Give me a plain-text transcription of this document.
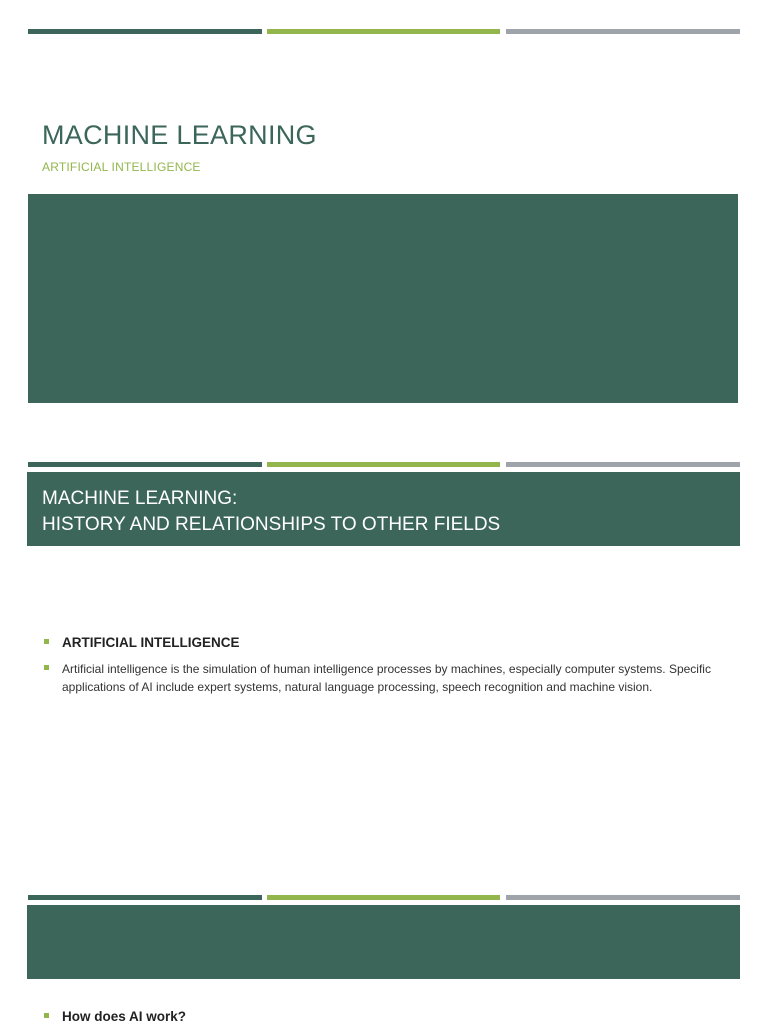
MACHINE LEARNING

ARTIFICIAL INTELLIGENCE

MACHINE LEARNING:
HISTORY AND RELATIONSHIPS TO OTHER FIELDS
ARTIFICIAL INTELLIGENCE
Artificial intelligence is the simulation of human intelligence processes by machines, especially computer systems. Specific applications of AI include expert systems, natural language processing, speech recognition and machine vision.
How does AI work?
